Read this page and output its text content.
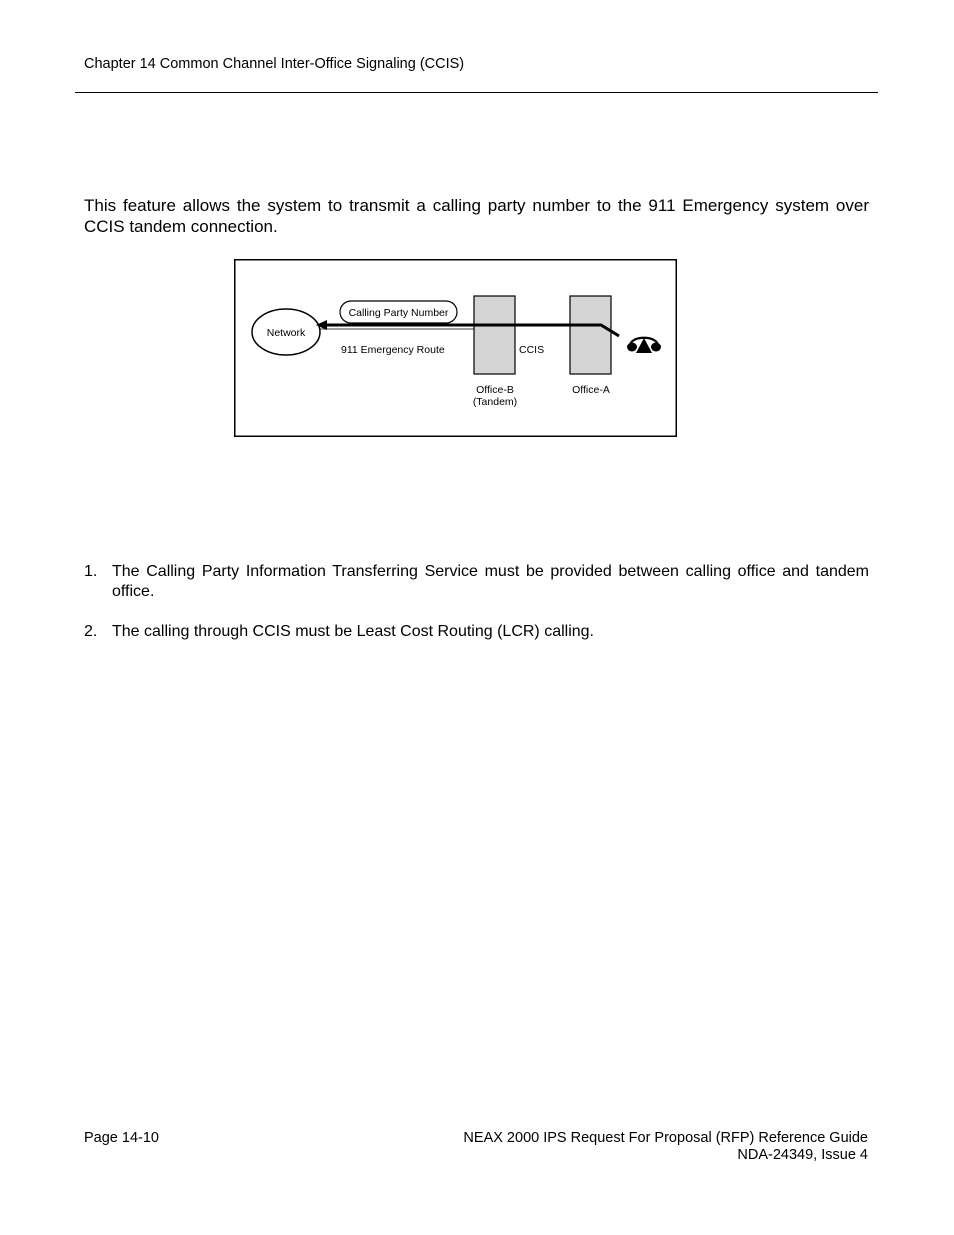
Chapter 14 Common Channel Inter-Office Signaling (CCIS)

This feature allows the system to transmit a calling party number to the 911 Emergency system over CCIS tandem connection.

Network
Calling Party Number
911 Emergency Route	CCIS
Office-B
(Tandem)
Office-A
1. The Calling Party Information Transferring Service must be provided between calling office and tandem office.
2. The calling through CCIS must be Least Cost Routing (LCR) calling.
Page 14-10	NEAX 2000 IPS Request For Proposal (RFP) Reference Guide
NDA-24349, Issue 4
